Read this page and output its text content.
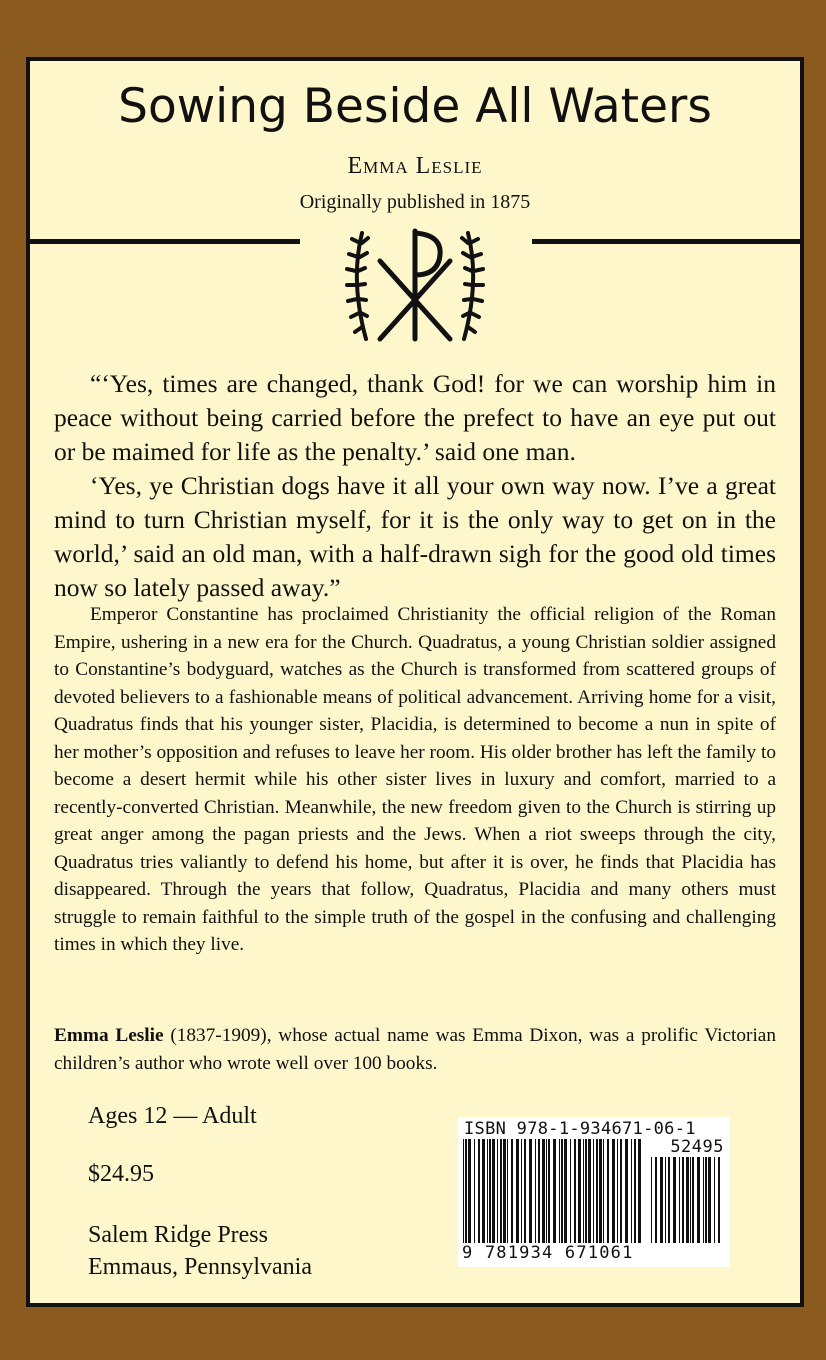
Sowing Beside All Waters
Emma Leslie
Originally published in 1875

“‘Yes, times are changed, thank God! for we can worship him in peace without being carried before the prefect to have an eye put out or be maimed for life as the penalty.’ said one man.

‘Yes, ye Christian dogs have it all your own way now. I’ve a great mind to turn Christian myself, for it is the only way to get on in the world,’ said an old man, with a half-drawn sigh for the good old times now so lately passed away.”

Emperor Constantine has proclaimed Christianity the official religion of the Roman Empire, ushering in a new era for the Church. Quadratus, a young Christian soldier assigned to Constantine’s bodyguard, watches as the Church is transformed from scattered groups of devoted believers to a fashionable means of political advancement. Arriving home for a visit, Quadratus finds that his younger sister, Placidia, is determined to become a nun in spite of her mother’s opposition and refuses to leave her room. His older brother has left the family to become a desert hermit while his other sister lives in luxury and comfort, married to a recently-converted Christian. Meanwhile, the new freedom given to the Church is stirring up great anger among the pagan priests and the Jews. When a riot sweeps through the city, Quadratus tries valiantly to defend his home, but after it is over, he finds that Placidia has disappeared. Through the years that follow, Quadratus, Placidia and many others must struggle to remain faithful to the simple truth of the gospel in the confusing and challenging times in which they live.

Emma Leslie (1837-1909), whose actual name was Emma Dixon, was a prolific Victorian children’s author who wrote well over 100 books.

Ages 12 — Adult
$24.95
Salem Ridge Press
Emmaus, Pennsylvania
ISBN 978-1-934671-06-1
52495
9 781934 671061
